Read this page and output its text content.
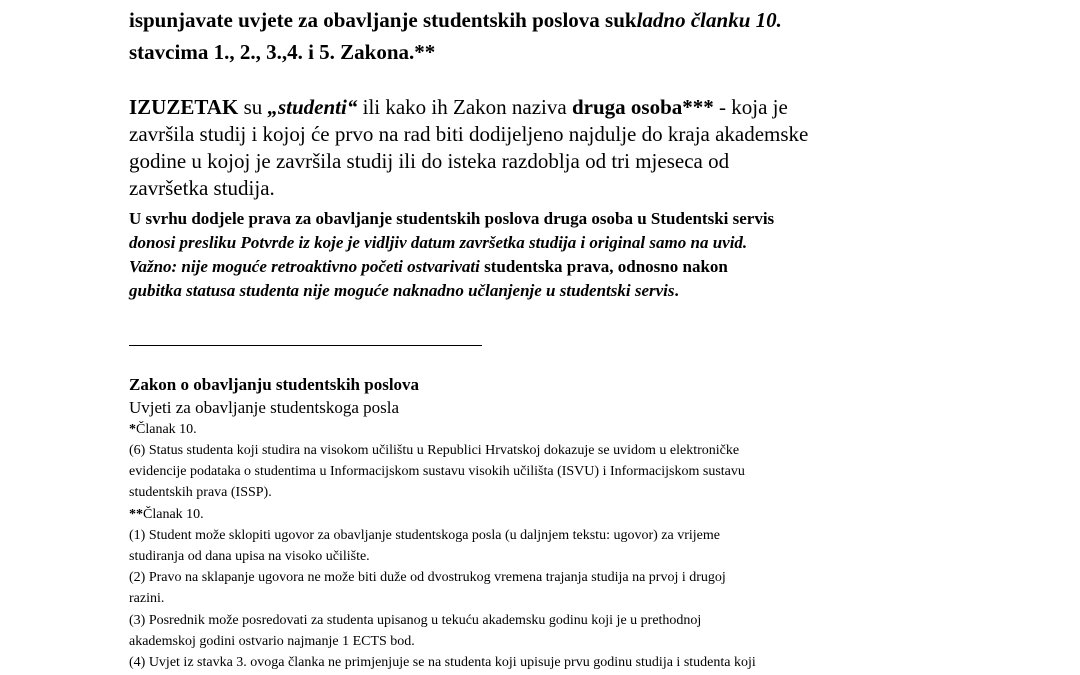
ispunjavate uvjete za obavljanje studentskih poslova sukladno članku 10.
stavcima 1., 2., 3.,4. i 5. Zakona.**
IZUZETAK su „studenti“ ili kako ih Zakon naziva druga osoba*** - koja je
završila studij i kojoj će prvo na rad biti dodijeljeno najdulje do kraja akademske
godine u kojoj je završila studij ili do isteka razdoblja od tri mjeseca od
završetka studija.
U svrhu dodjele prava za obavljanje studentskih poslova druga osoba u Studentski servis
donosi presliku Potvrde iz koje je vidljiv datum završetka studija i original samo na uvid.
Važno: nije moguće retroaktivno početi ostvarivati studentska prava, odnosno nakon
gubitka statusa studenta nije moguće naknadno učlanjenje u studentski servis.
Zakon o obavljanju studentskih poslova
Uvjeti za obavljanje studentskoga posla
*Članak 10.
(6) Status studenta koji studira na visokom učilištu u Republici Hrvatskoj dokazuje se uvidom u elektroničke
evidencije podataka o studentima u Informacijskom sustavu visokih učilišta (ISVU) i Informacijskom sustavu
studentskih prava (ISSP).
**Članak 10.
(1) Student može sklopiti ugovor za obavljanje studentskoga posla (u daljnjem tekstu: ugovor) za vrijeme
studiranja od dana upisa na visoko učilište.
(2) Pravo na sklapanje ugovora ne može biti duže od dvostrukog vremena trajanja studija na prvoj i drugoj
razini.
(3) Posrednik može posredovati za studenta upisanog u tekuću akademsku godinu koji je u prethodnoj
akademskoj godini ostvario najmanje 1 ECTS bod.
(4) Uvjet iz stavka 3. ovoga članka ne primjenjuje se na studenta koji upisuje prvu godinu studija i studenta koji
